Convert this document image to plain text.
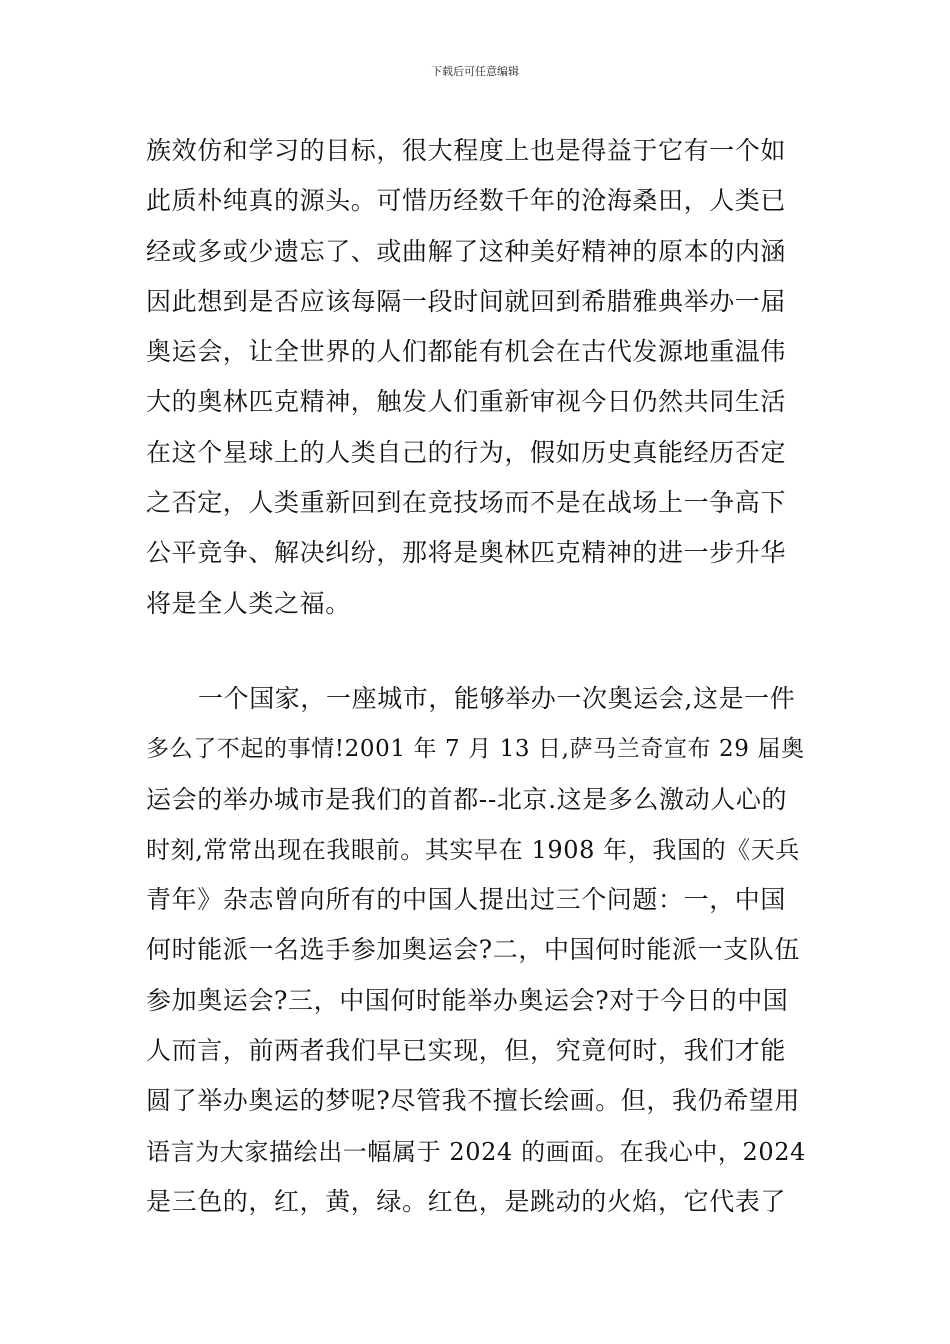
下载后可任意编辑
族效仿和学习的目标，很大程度上也是得益于它有一个如
此质朴纯真的源头。可惜历经数千年的沧海桑田，人类已
经或多或少遗忘了、或曲解了这种美好精神的原本的内涵
因此想到是否应该每隔一段时间就回到希腊雅典举办一届
奥运会，让全世界的人们都能有机会在古代发源地重温伟
大的奥林匹克精神，触发人们重新审视今日仍然共同生活
在这个星球上的人类自己的行为，假如历史真能经历否定
之否定，人类重新回到在竞技场而不是在战场上一争高下
公平竞争、解决纠纷，那将是奥林匹克精神的进一步升华
将是全人类之福。
一个国家，一座城市，能够举办一次奥运会,这是一件
多么了不起的事情!2001 年 7 月 13 日,萨马兰奇宣布 29 届奥
运会的举办城市是我们的首都--北京.这是多么激动人心的
时刻,常常出现在我眼前。其实早在 1908 年，我国的《天兵
青年》杂志曾向所有的中国人提出过三个问题：一，中国
何时能派一名选手参加奥运会?二，中国何时能派一支队伍
参加奥运会?三，中国何时能举办奥运会?对于今日的中国
人而言，前两者我们早已实现，但，究竟何时，我们才能
圆了举办奥运的梦呢?尽管我不擅长绘画。但，我仍希望用
语言为大家描绘出一幅属于 2024 的画面。在我心中，2024
是三色的，红，黄，绿。红色，是跳动的火焰，它代表了
